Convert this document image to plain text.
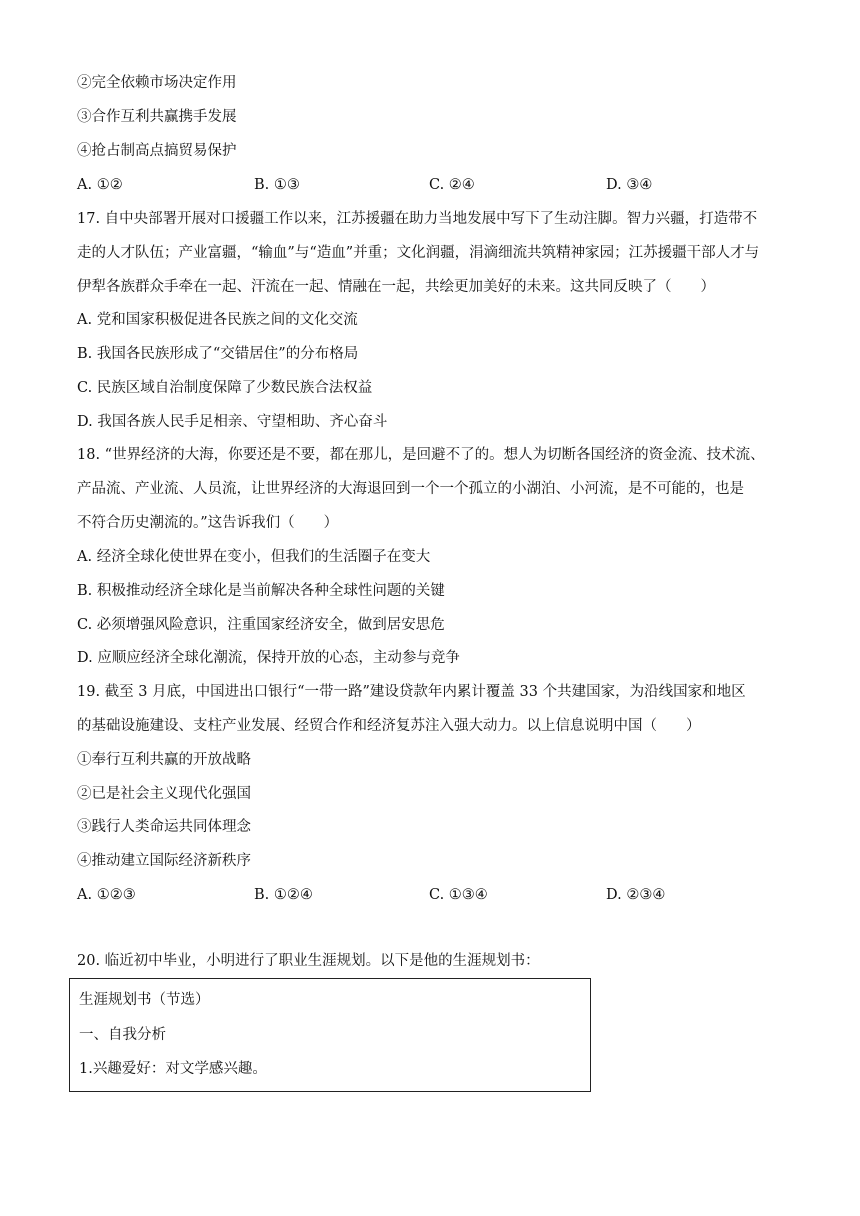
②完全依赖市场决定作用
③合作互利共赢携手发展
④抢占制高点搞贸易保护
A. ①②	B. ①③	C. ②④	D. ③④
17. 自中央部署开展对口援疆工作以来，江苏援疆在助力当地发展中写下了生动注脚。智力兴疆，打造带不
走的人才队伍；产业富疆，“输血”与“造血”并重；文化润疆，涓滴细流共筑精神家园；江苏援疆干部人才与
伊犁各族群众手牵在一起、汗流在一起、情融在一起，共绘更加美好的未来。这共同反映了（　　）
A. 党和国家积极促进各民族之间的文化交流
B. 我国各民族形成了“交错居住”的分布格局
C. 民族区域自治制度保障了少数民族合法权益
D. 我国各族人民手足相亲、守望相助、齐心奋斗
18. “世界经济的大海，你要还是不要，都在那儿，是回避不了的。想人为切断各国经济的资金流、技术流、
产品流、产业流、人员流，让世界经济的大海退回到一个一个孤立的小湖泊、小河流，是不可能的，也是
不符合历史潮流的。”这告诉我们（　　）
A. 经济全球化使世界在变小，但我们的生活圈子在变大
B. 积极推动经济全球化是当前解决各种全球性问题的关键
C. 必须增强风险意识，注重国家经济安全，做到居安思危
D. 应顺应经济全球化潮流，保持开放的心态，主动参与竞争
19. 截至 3 月底，中国进出口银行“一带一路”建设贷款年内累计覆盖 33 个共建国家，为沿线国家和地区
的基础设施建设、支柱产业发展、经贸合作和经济复苏注入强大动力。以上信息说明中国（　　）
①奉行互利共赢的开放战略
②已是社会主义现代化强国
③践行人类命运共同体理念
④推动建立国际经济新秩序
A. ①②③	B. ①②④	C. ①③④	D. ②③④
20. 临近初中毕业，小明进行了职业生涯规划。以下是他的生涯规划书：
生涯规划书（节选）
一、自我分析
1.兴趣爱好：对文学感兴趣。
